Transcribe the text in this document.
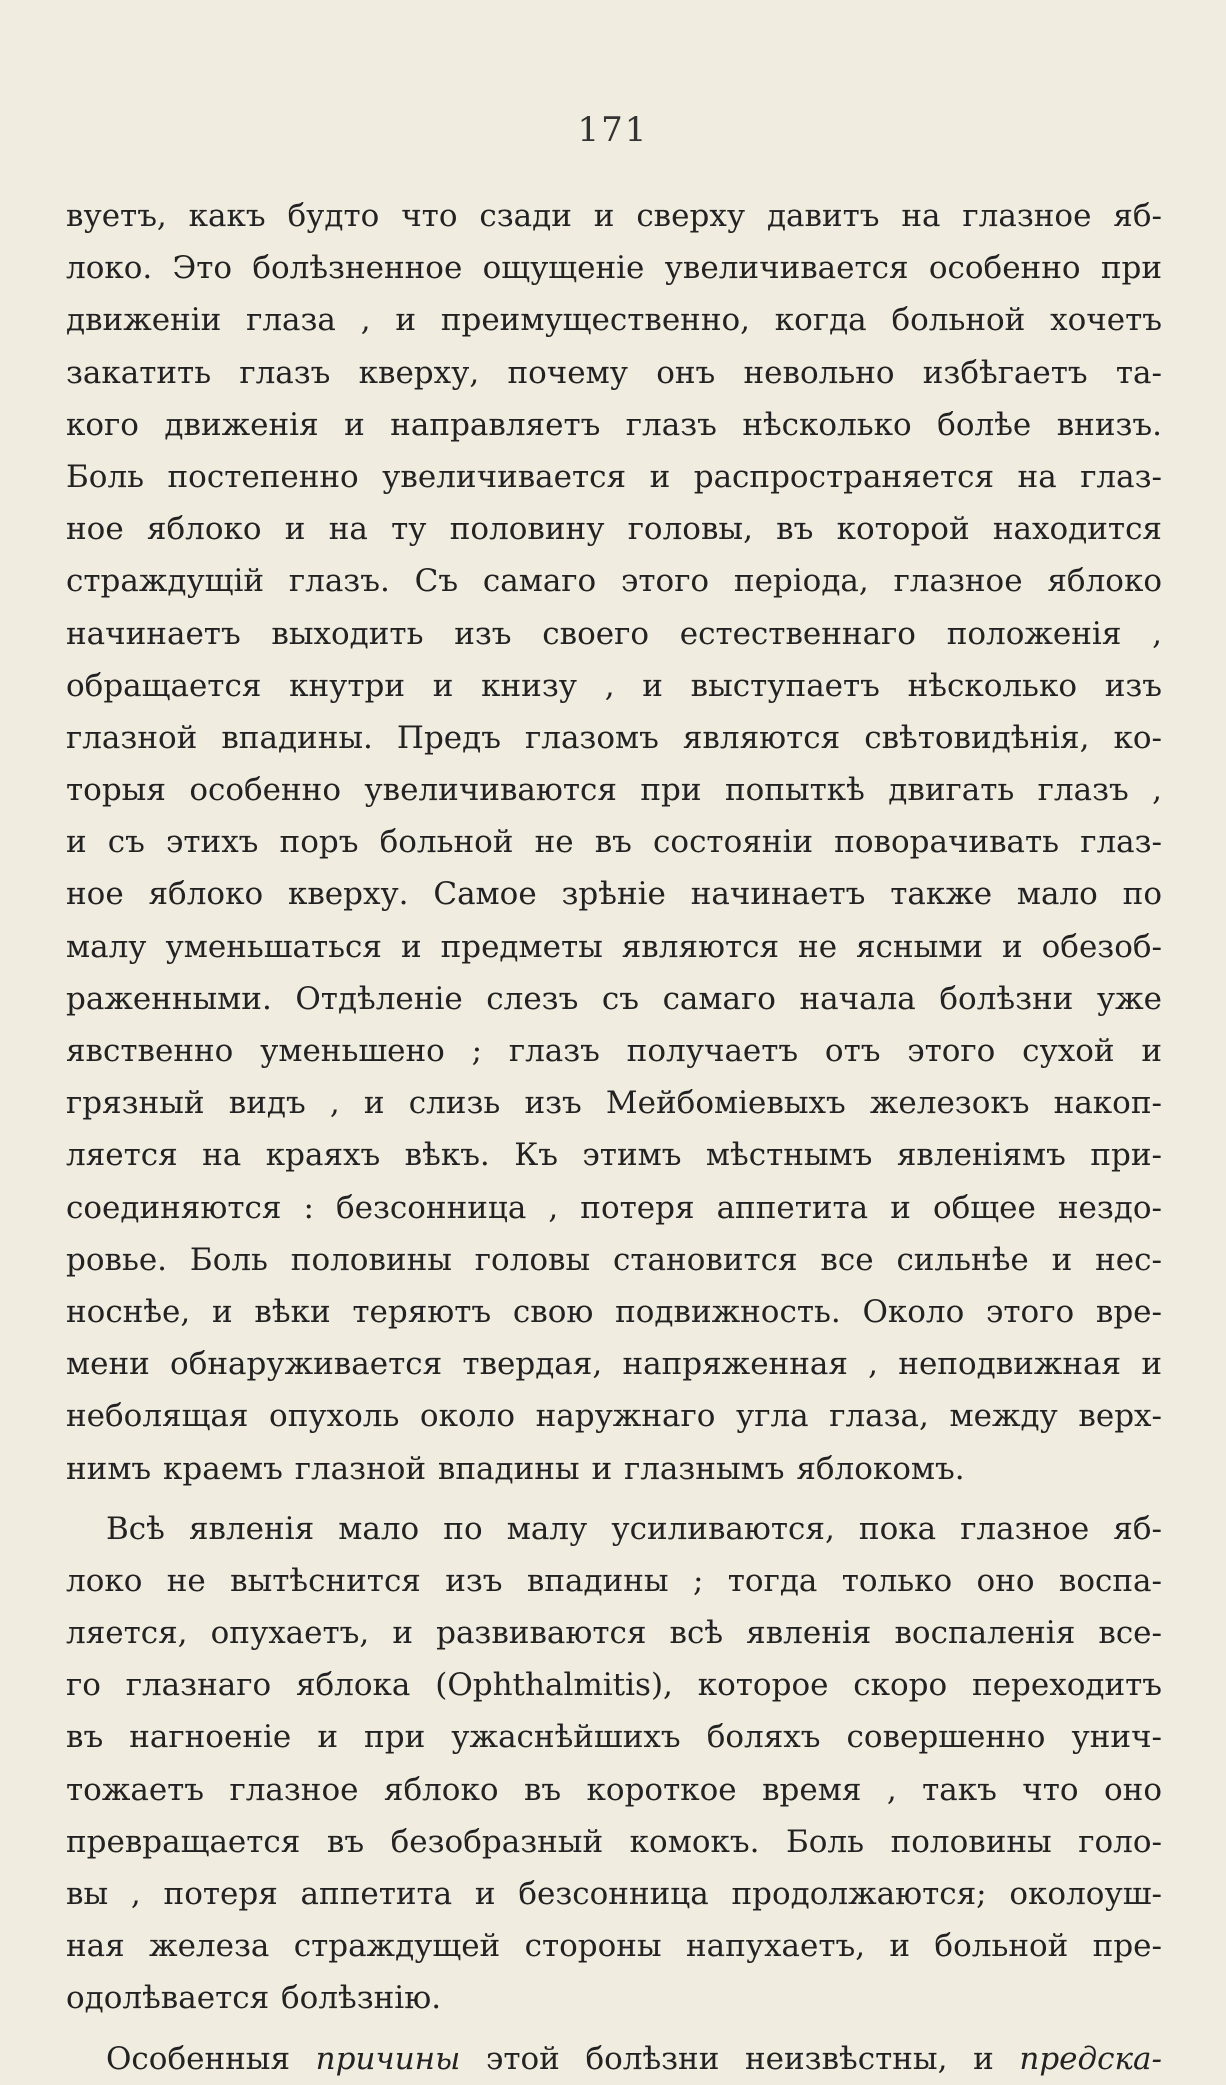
171
вуетъ, какъ будто что сзади и сверху давитъ на глазное яб-
локо. Это болѣзненное ощущеніе увеличивается особенно при
движеніи глаза , и преимущественно, когда больной хочетъ
закатить глазъ кверху, почему онъ невольно избѣгаетъ та-
кого движенія и направляетъ глазъ нѣсколько болѣе внизъ.
Боль постепенно увеличивается и распространяется на глаз-
ное яблоко и на ту половину головы, въ которой находится
страждущій глазъ. Съ самаго этого періода, глазное яблоко
начинаетъ выходить изъ своего естественнаго положенія ,
обращается кнутри и книзу , и выступаетъ нѣсколько изъ
глазной впадины. Предъ глазомъ являются свѣтовидѣнія, ко-
торыя особенно увеличиваются при попыткѣ двигать глазъ ,
и съ этихъ поръ больной не въ состояніи поворачивать глаз-
ное яблоко кверху. Самое зрѣніе начинаетъ также мало по
малу уменьшаться и предметы являются не ясными и обезоб-
раженными. Отдѣленіе слезъ съ самаго начала болѣзни уже
явственно уменьшено ; глазъ получаетъ отъ этого сухой и
грязный видъ , и слизь изъ Мейбоміевыхъ железокъ накоп-
ляется на краяхъ вѣкъ. Къ этимъ мѣстнымъ явленіямъ при-
соединяются : безсонница , потеря аппетита и общее нездо-
ровье. Боль половины головы становится все сильнѣе и нес-
носнѣе, и вѣки теряютъ свою подвижность. Около этого вре-
мени обнаруживается твердая, напряженная , неподвижная и
неболящая опухоль около наружнаго угла глаза, между верх-
нимъ краемъ глазной впадины и глазнымъ яблокомъ.
Всѣ явленія мало по малу усиливаются, пока глазное яб-
локо не вытѣснится изъ впадины ; тогда только оно воспа-
ляется, опухаетъ, и развиваются всѣ явленія воспаленія все-
го глазнаго яблока (Ophthalmitis), которое скоро переходитъ
въ нагноеніе и при ужаснѣйшихъ боляхъ совершенно унич-
тожаетъ глазное яблоко въ короткое время , такъ что оно
превращается въ безобразный комокъ. Боль половины голо-
вы , потеря аппетита и безсонница продолжаются; околоуш-
ная железа страждущей стороны напухаетъ, и больной пре-
одолѣвается болѣзнію.
Особенныя причины этой болѣзни неизвѣстны, и предска-
